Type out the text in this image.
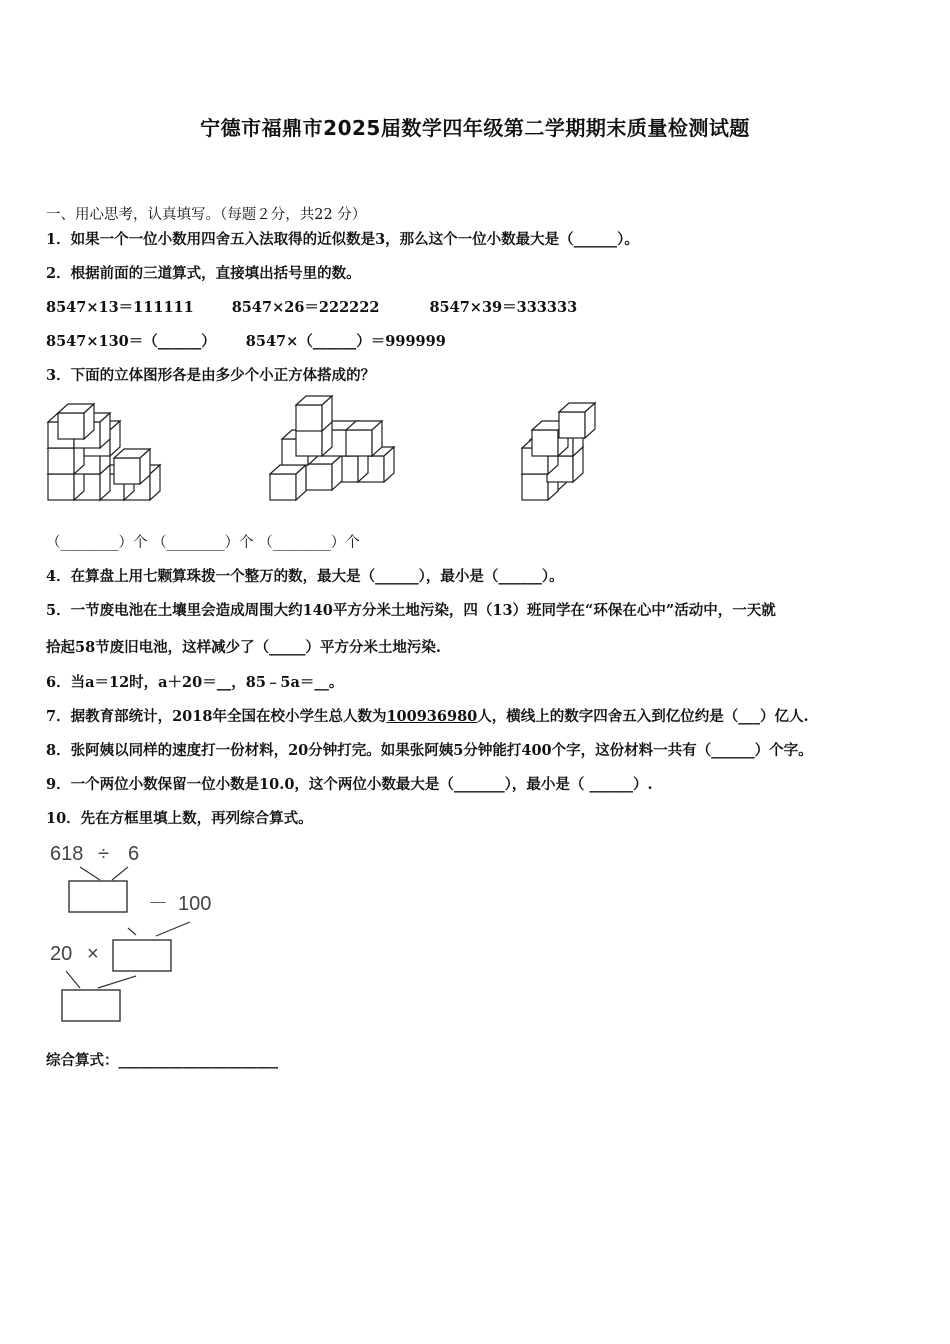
宁德市福鼎市2025届数学四年级第二学期期末质量检测试题
一、用心思考，认真填写。（每题２分，共22 分）
1．如果一个一位小数用四舍五入法取得的近似数是3，那么这个一位小数最大是（______）。
2．根据前面的三道算式，直接填出括号里的数。
8547×13＝111111	8547×26＝222222	8547×39＝333333
8547×130＝（______） 8547×（______）＝999999
3．下面的立体图形各是由多少个小正方体搭成的？
（________）个 （________）个 （________）个
4．在算盘上用七颗算珠拨一个整万的数，最大是（______），最小是（______）。
5．一节废电池在土壤里会造成周围大约140平方分米土地污染，四（13）班同学在“环保在心中”活动中，一天就
拾起58节废旧电池，这样减少了（_____）平方分米土地污染.
6．当a＝12时，a＋20＝__，85﹣5a＝__。
7．据教育部统计，2018年全国在校小学生总人数为100936980人，横线上的数字四舍五入到亿位约是（___）亿人.
8．张阿姨以同样的速度打一份材料，20分钟打完。如果张阿姨5分钟能打400个字，这份材料一共有（______）个字。
9．一个两位小数保留一位小数是10.0，这个两位小数最大是（_______），最小是（ ______）.
10．先在方框里填上数，再列综合算式。
618 ÷ 6
－ 100
20 ×
综合算式：______________________
